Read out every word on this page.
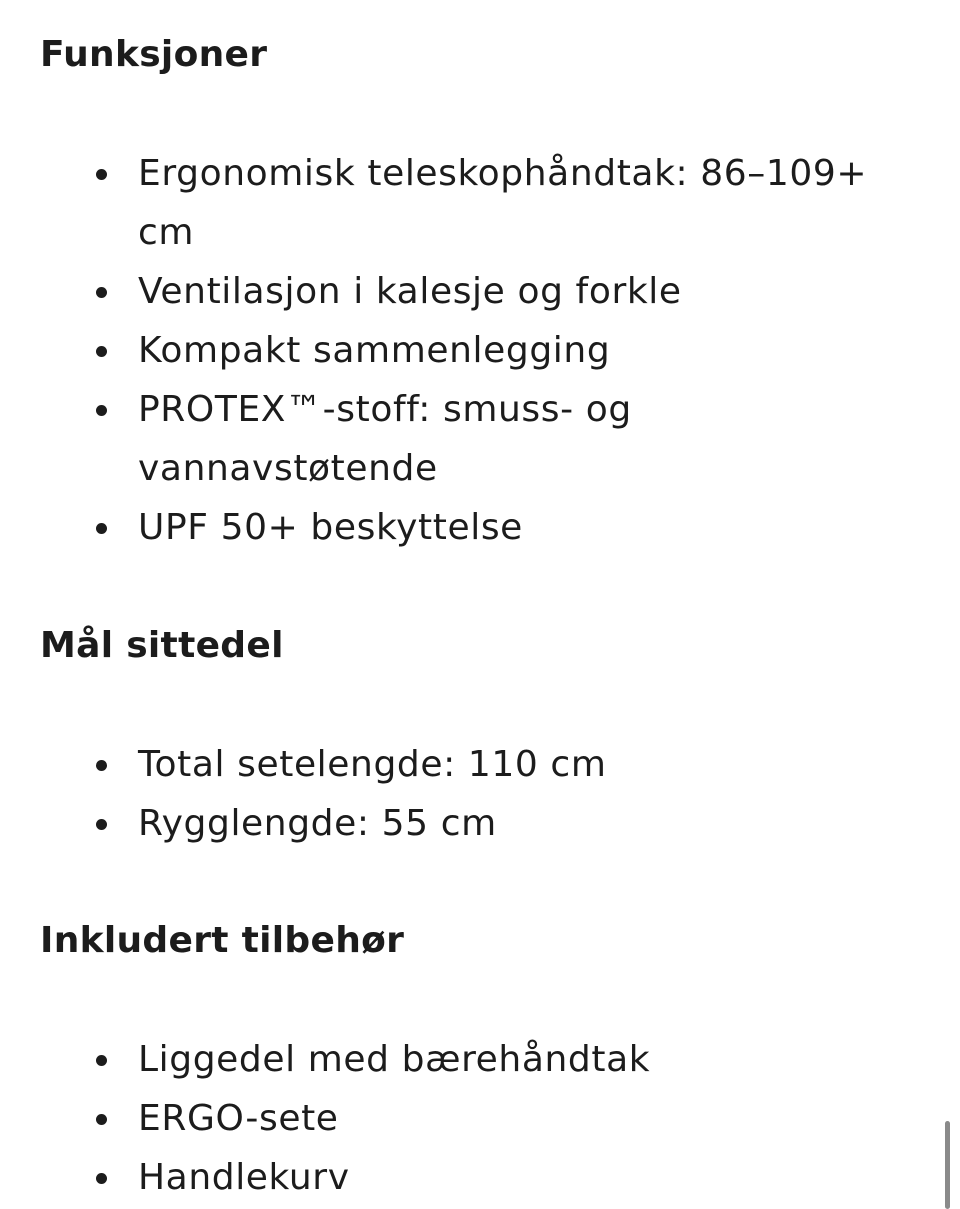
Funksjoner
Ergonomisk teleskophåndtak: 86–109+ cm
Ventilasjon i kalesje og forkle
Kompakt sammenlegging
PROTEX™-stoff: smuss- og vannavstøtende
UPF 50+ beskyttelse
Mål sittedel
Total setelengde: 110 cm
Rygglengde: 55 cm
Inkludert tilbehør
Liggedel med bærehåndtak
ERGO-sete
Handlekurv
